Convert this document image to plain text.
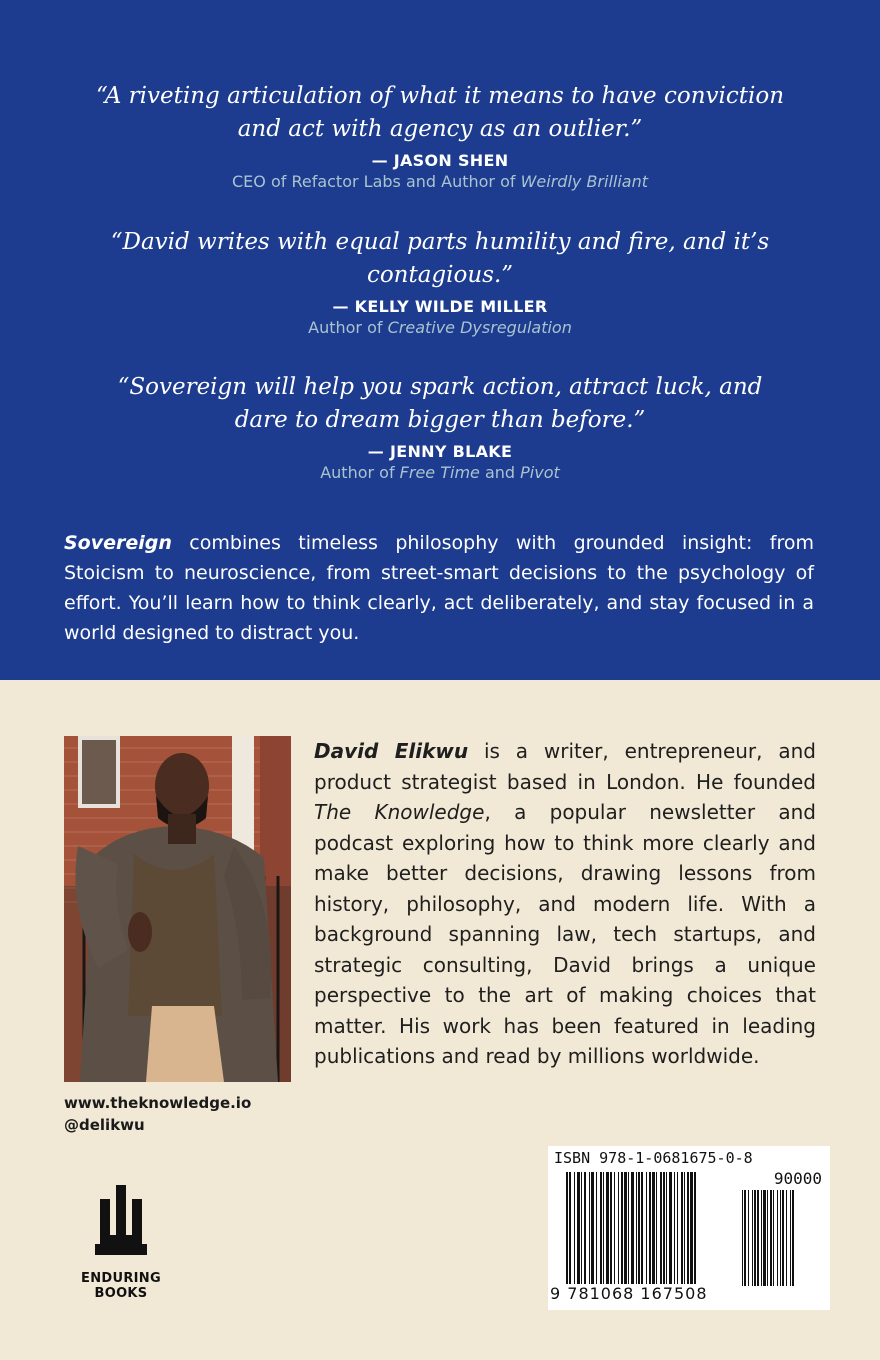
“A riveting articulation of what it means to have conviction and act with agency as an outlier.”

— JASON SHEN
CEO of Refactor Labs and Author of Weirdly Brilliant

“David writes with equal parts humility and fire, and it’s contagious.”

— KELLY WILDE MILLER
Author of Creative Dysregulation

“Sovereign will help you spark action, attract luck, and dare to dream bigger than before.”

— JENNY BLAKE
Author of Free Time and Pivot

Sovereign combines timeless philosophy with grounded insight: from Stoicism to neuroscience, from street-smart decisions to the psychology of effort. You’ll learn how to think clearly, act deliberately, and stay focused in a world designed to distract you.

David Elikwu is a writer, entrepreneur, and product strategist based in London. He founded The Knowledge, a popular newsletter and podcast exploring how to think more clearly and make better decisions, drawing lessons from history, philosophy, and modern life. With a background spanning law, tech startups, and strategic consulting, David brings a unique perspective to the art of making choices that matter. His work has been featured in leading publications and read by millions worldwide.

www.theknowledge.io
@delikwu
ENDURING
BOOKS
ISBN 978-1-0681675-0-8
90000
9 781068 167508
